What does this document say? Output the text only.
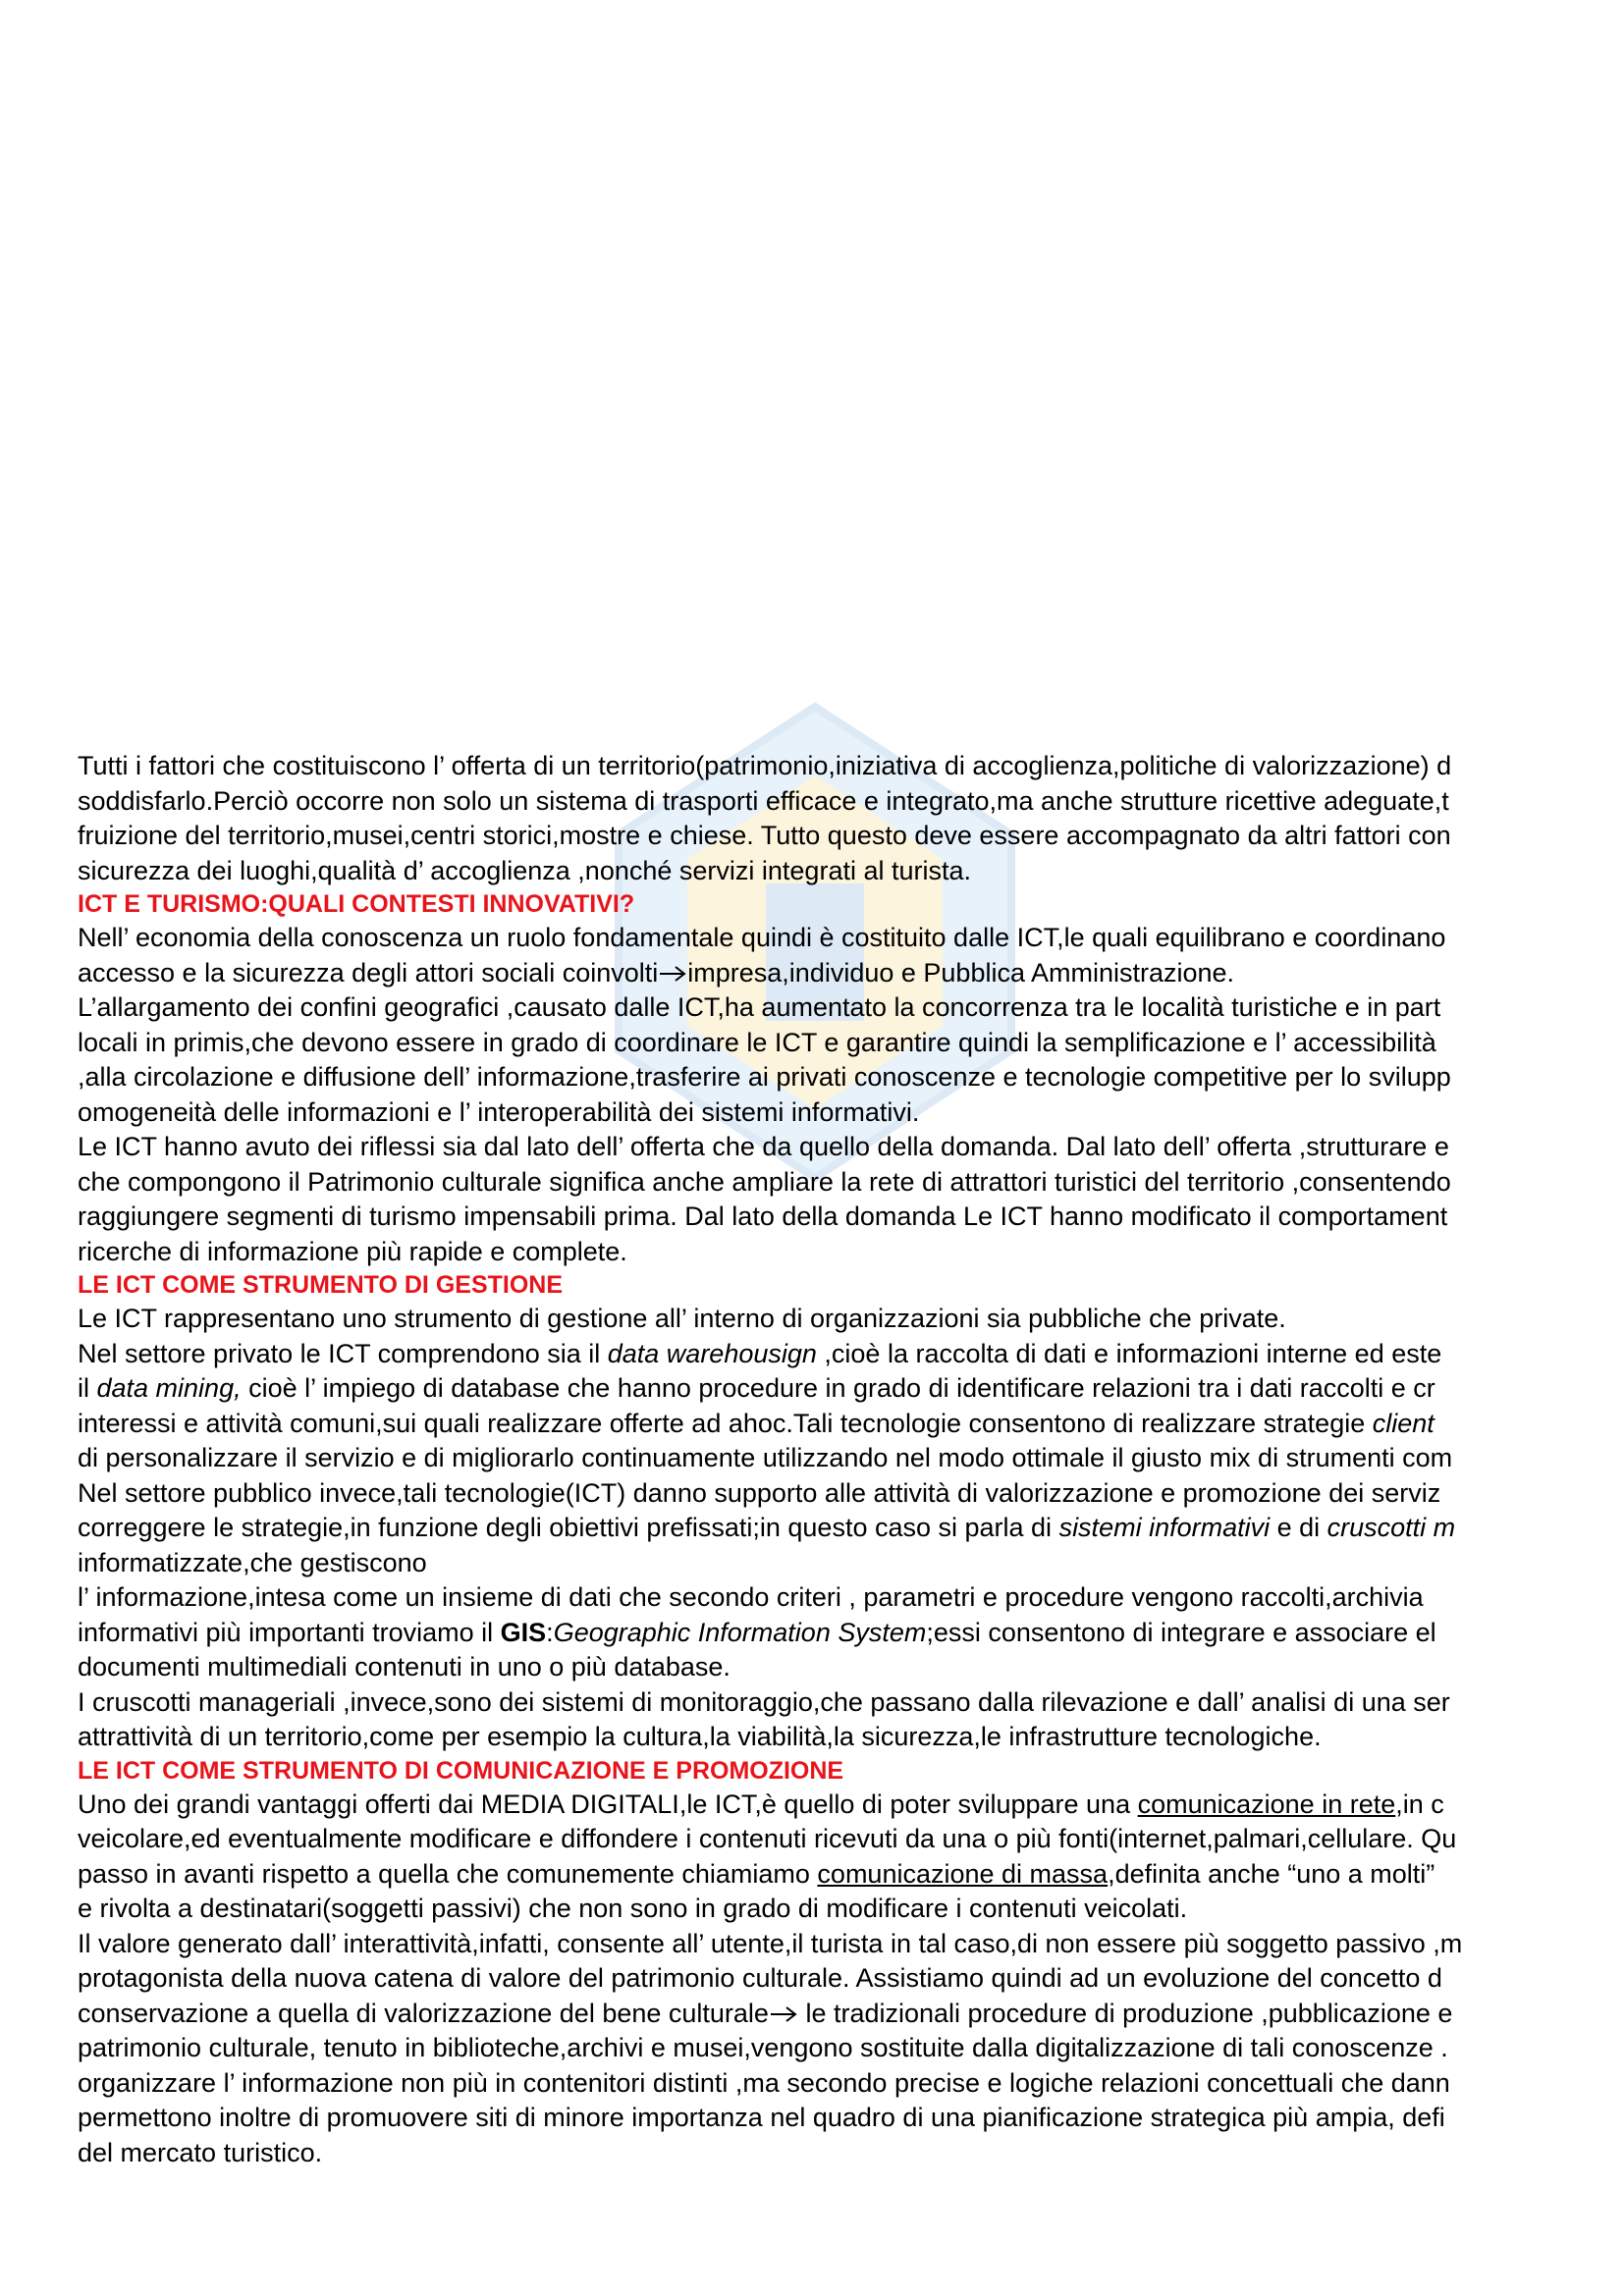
Tutti i fattori che costituiscono l’ offerta di un territorio(patrimonio,iniziativa di accoglienza,politiche di valorizzazione) d
soddisfarlo.Perciò occorre non solo un sistema di trasporti efficace e integrato,ma anche strutture ricettive adeguate,t
fruizione del territorio,musei,centri storici,mostre e chiese. Tutto questo deve essere accompagnato da altri fattori con
sicurezza dei luoghi,qualità d’ accoglienza ,nonché servizi integrati al turista.
ICT E TURISMO:QUALI CONTESTI INNOVATIVI?
Nell’ economia della conoscenza un ruolo fondamentale quindi è costituito dalle ICT,le quali equilibrano e coordinano
accesso e la sicurezza degli attori sociali coinvolti impresa,individuo e Pubblica Amministrazione.
L’allargamento dei confini geografici ,causato dalle ICT,ha aumentato la concorrenza tra le località turistiche e in part
locali in primis,che devono essere in grado di coordinare le ICT e garantire quindi la semplificazione e l’ accessibilità
,alla circolazione e diffusione dell’ informazione,trasferire ai privati conoscenze e tecnologie competitive per lo svilupp
omogeneità delle informazioni e l’ interoperabilità dei sistemi informativi.
Le ICT hanno avuto dei riflessi sia dal lato dell’ offerta che da quello della domanda. Dal lato dell’ offerta ,strutturare e
che compongono il Patrimonio culturale significa anche ampliare la rete di attrattori turistici del territorio ,consentendo
raggiungere segmenti di turismo impensabili prima. Dal lato della domanda Le ICT hanno modificato il comportament
ricerche di informazione più rapide e complete.
LE ICT COME STRUMENTO DI GESTIONE
Le ICT rappresentano uno strumento di gestione all’ interno di organizzazioni sia pubbliche che private.
Nel settore privato le ICT comprendono sia il data warehousign ,cioè la raccolta di dati e informazioni interne ed este
il data mining, cioè l’ impiego di database che hanno procedure in grado di identificare relazioni tra i dati raccolti e cr
interessi e attività comuni,sui quali realizzare offerte ad ahoc.Tali tecnologie consentono di realizzare strategie client
di personalizzare il servizio e di migliorarlo continuamente utilizzando nel modo ottimale il giusto mix di strumenti com
Nel settore pubblico invece,tali tecnologie(ICT) danno supporto alle attività di valorizzazione e promozione dei serviz
correggere le strategie,in funzione degli obiettivi prefissati;in questo caso si parla di sistemi informativi e di cruscotti m
informatizzate,che gestiscono
l’ informazione,intesa come un insieme di dati che secondo criteri , parametri e procedure vengono raccolti,archivia
informativi più importanti troviamo il GIS:Geographic Information System;essi consentono di integrare e associare el
documenti multimediali contenuti in uno o più database.
I cruscotti manageriali ,invece,sono dei sistemi di monitoraggio,che passano dalla rilevazione e dall’ analisi di una ser
attrattività di un territorio,come per esempio la cultura,la viabilità,la sicurezza,le infrastrutture tecnologiche.
LE ICT COME STRUMENTO DI COMUNICAZIONE E PROMOZIONE
Uno dei grandi vantaggi offerti dai MEDIA DIGITALI,le ICT,è quello di poter sviluppare una comunicazione in rete,in c
veicolare,ed eventualmente modificare e diffondere i contenuti ricevuti da una o più fonti(internet,palmari,cellulare. Qu
passo in avanti rispetto a quella che comunemente chiamiamo comunicazione di massa,definita anche “uno a molti”
e rivolta a destinatari(soggetti passivi) che non sono in grado di modificare i contenuti veicolati.
Il valore generato dall’ interattività,infatti, consente all’ utente,il turista in tal caso,di non essere più soggetto passivo ,m
protagonista della nuova catena di valore del patrimonio culturale. Assistiamo quindi ad un evoluzione del concetto d
conservazione a quella di valorizzazione del bene culturale le tradizionali procedure di produzione ,pubblicazione e
patrimonio culturale, tenuto in biblioteche,archivi e musei,vengono sostituite dalla digitalizzazione di tali conoscenze .
organizzare l’ informazione non più in contenitori distinti ,ma secondo precise e logiche relazioni concettuali che dann
permettono inoltre di promuovere siti di minore importanza nel quadro di una pianificazione strategica più ampia, defi
del mercato turistico.
